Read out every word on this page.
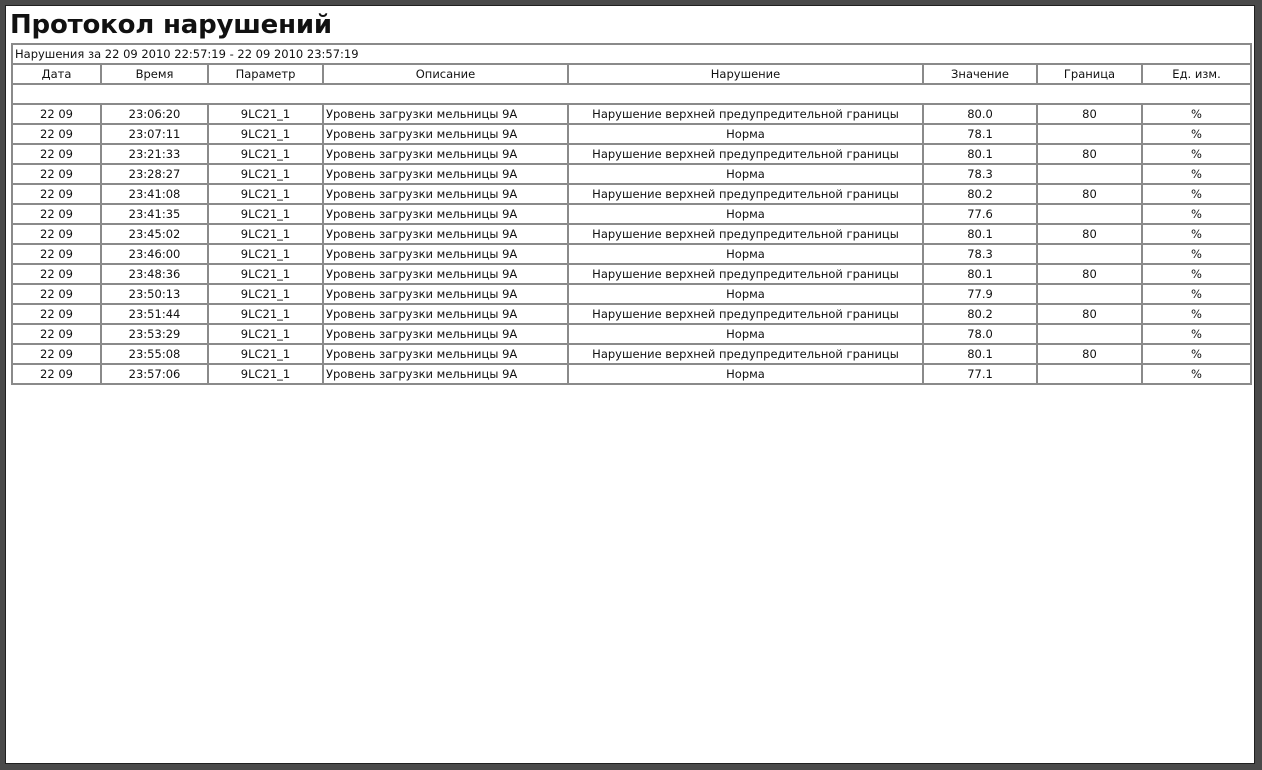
Протокол нарушений
Нарушения за 22 09 2010 22:57:19 - 22 09 2010 23:57:19							
Дата	Время	Параметр	Описание	Нарушение	Значение	Граница	Ед. изм.

22 09	23:06:20	9LC21_1	Уровень загрузки мельницы 9А	Нарушение верхней предупредительной границы	80.0	80	%
22 09	23:07:11	9LC21_1	Уровень загрузки мельницы 9А	Норма	78.1		%
22 09	23:21:33	9LC21_1	Уровень загрузки мельницы 9А	Нарушение верхней предупредительной границы	80.1	80	%
22 09	23:28:27	9LC21_1	Уровень загрузки мельницы 9А	Норма	78.3		%
22 09	23:41:08	9LC21_1	Уровень загрузки мельницы 9А	Нарушение верхней предупредительной границы	80.2	80	%
22 09	23:41:35	9LC21_1	Уровень загрузки мельницы 9А	Норма	77.6		%
22 09	23:45:02	9LC21_1	Уровень загрузки мельницы 9А	Нарушение верхней предупредительной границы	80.1	80	%
22 09	23:46:00	9LC21_1	Уровень загрузки мельницы 9А	Норма	78.3		%
22 09	23:48:36	9LC21_1	Уровень загрузки мельницы 9А	Нарушение верхней предупредительной границы	80.1	80	%
22 09	23:50:13	9LC21_1	Уровень загрузки мельницы 9А	Норма	77.9		%
22 09	23:51:44	9LC21_1	Уровень загрузки мельницы 9А	Нарушение верхней предупредительной границы	80.2	80	%
22 09	23:53:29	9LC21_1	Уровень загрузки мельницы 9А	Норма	78.0		%
22 09	23:55:08	9LC21_1	Уровень загрузки мельницы 9А	Нарушение верхней предупредительной границы	80.1	80	%
22 09	23:57:06	9LC21_1	Уровень загрузки мельницы 9А	Норма	77.1		%
